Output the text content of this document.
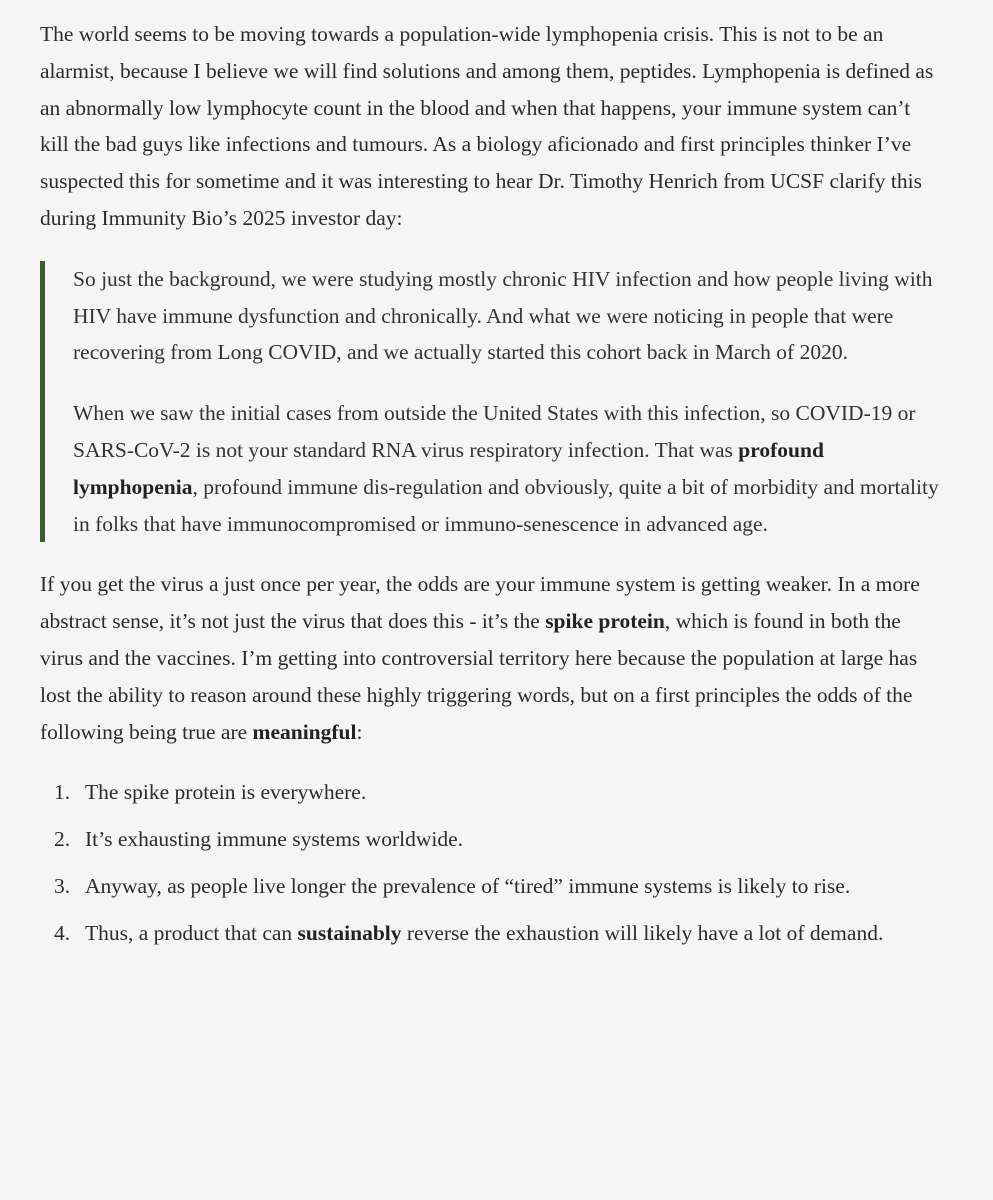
The world seems to be moving towards a population-wide lymphopenia crisis. This is not to be an alarmist, because I believe we will find solutions and among them, peptides. Lymphopenia is defined as an abnormally low lymphocyte count in the blood and when that happens, your immune system can’t kill the bad guys like infections and tumours. As a biology aficionado and first principles thinker I’ve suspected this for sometime and it was interesting to hear Dr. Timothy Henrich from UCSF clarify this during Immunity Bio’s 2025 investor day:

So just the background, we were studying mostly chronic HIV infection and how people living with HIV have immune dysfunction and chronically. And what we were noticing in people that were recovering from Long COVID, and we actually started this cohort back in March of 2020.

When we saw the initial cases from outside the United States with this infection, so COVID-19 or SARS-CoV-2 is not your standard RNA virus respiratory infection. That was profound lymphopenia, profound immune dis-regulation and obviously, quite a bit of morbidity and mortality in folks that have immunocompromised or immuno-senescence in advanced age.

If you get the virus a just once per year, the odds are your immune system is getting weaker. In a more abstract sense, it’s not just the virus that does this - it’s the spike protein, which is found in both the virus and the vaccines. I’m getting into controversial territory here because the population at large has lost the ability to reason around these highly triggering words, but on a first principles the odds of the following being true are meaningful:

1. The spike protein is everywhere.
2. It’s exhausting immune systems worldwide.
3. Anyway, as people live longer the prevalence of “tired” immune systems is likely to rise.
4. Thus, a product that can sustainably reverse the exhaustion will likely have a lot of demand.
